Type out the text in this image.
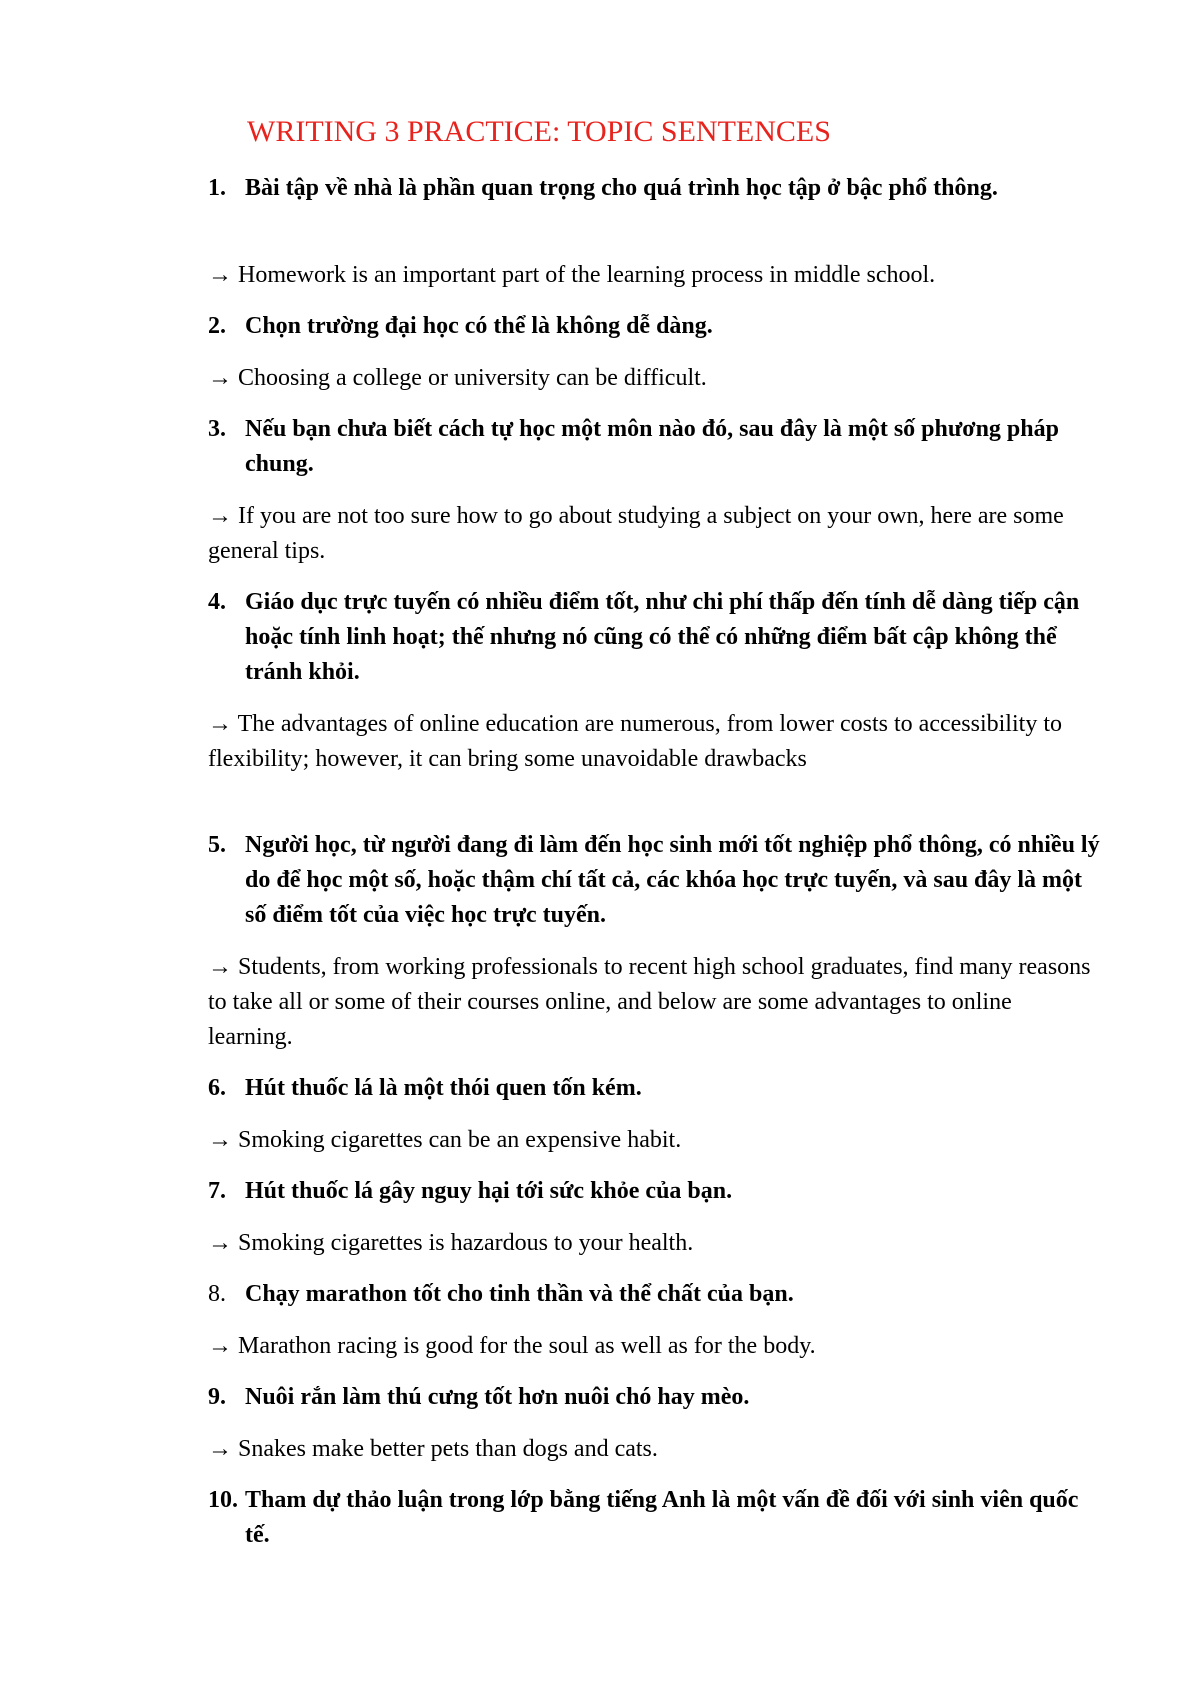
WRITING 3 PRACTICE: TOPIC SENTENCES
1. Bài tập về nhà là phần quan trọng cho quá trình học tập ở bậc phổ thông.
→ Homework is an important part of the learning process in middle school.
2. Chọn trường đại học có thể là không dễ dàng.
→ Choosing a college or university can be difficult.
3. Nếu bạn chưa biết cách tự học một môn nào đó, sau đây là một số phương pháp chung.
→ If you are not too sure how to go about studying a subject on your own, here are some general tips.
4. Giáo dục trực tuyến có nhiều điểm tốt, như chi phí thấp đến tính dễ dàng tiếp cận hoặc tính linh hoạt; thế nhưng nó cũng có thể có những điểm bất cập không thể tránh khỏi.
→ The advantages of online education are numerous, from lower costs to accessibility to flexibility; however, it can bring some unavoidable drawbacks
5. Người học, từ người đang đi làm đến học sinh mới tốt nghiệp phổ thông, có nhiều lý do để học một số, hoặc thậm chí tất cả, các khóa học trực tuyến, và sau đây là một số điểm tốt của việc học trực tuyến.
→ Students, from working professionals to recent high school graduates, find many reasons to take all or some of their courses online, and below are some advantages to online learning.
6. Hút thuốc lá là một thói quen tốn kém.
→ Smoking cigarettes can be an expensive habit.
7. Hút thuốc lá gây nguy hại tới sức khỏe của bạn.
→ Smoking cigarettes is hazardous to your health.
8. Chạy marathon tốt cho tinh thần và thể chất của bạn.
→ Marathon racing is good for the soul as well as for the body.
9. Nuôi rắn làm thú cưng tốt hơn nuôi chó hay mèo.
→ Snakes make better pets than dogs and cats.
10. Tham dự thảo luận trong lớp bằng tiếng Anh là một vấn đề đối với sinh viên quốc tế.
